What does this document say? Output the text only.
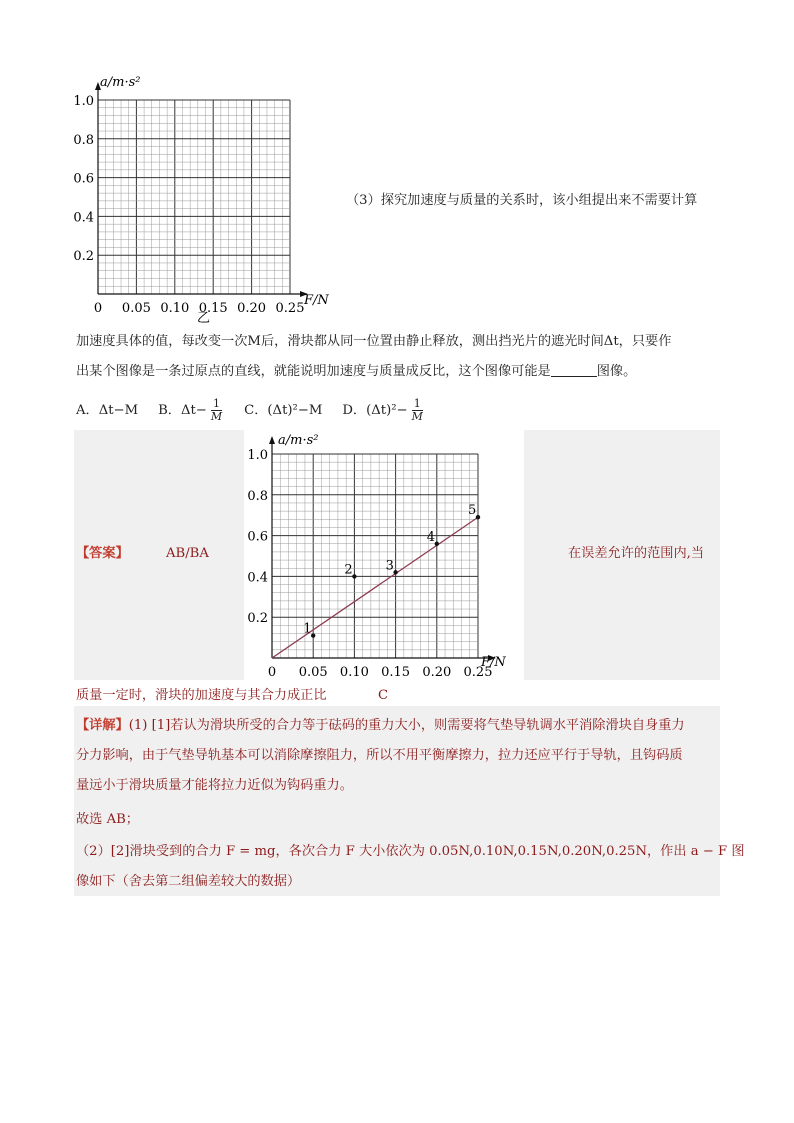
a/m·s²
F/N
乙
1.0
0.8
0.6
0.4
0.2
0 0.05 0.10 0.15 0.20 0.25
（3）探究加速度与质量的关系时，该小组提出来不需要计算
加速度具体的值，每改变一次M后，滑块都从同一位置由静止释放，测出挡光片的遮光时间Δt，只要作
出某个图像是一条过原点的直线，就能说明加速度与质量成反比，这个图像可能是	图像。
A．Δt−M B．$\Delta t- \frac{1}{M}$ C．(Δt)²−M D．$(\Delta t)^2- \frac{1}{M}$
1
2	3
4
5
a/m·s²
F/N
1.0
0.8
0.6
0.4
0.2
0 0.05 0.10 0.15 0.20 0.25
【答案】	AB/BA	在误差允许的范围内,当
质量一定时，滑块的加速度与其合力成正比	C
【详解】(1) [1]若认为滑块所受的合力等于砝码的重力大小，则需要将气垫导轨调水平消除滑块自身重力
分力影响，由于气垫导轨基本可以消除摩擦阻力，所以不用平衡摩擦力，拉力还应平行于导轨，且钩码质
量远小于滑块质量才能将拉力近似为钩码重力。
故选 AB；
（2）[2]滑块受到的合力 F = mg，各次合力 F 大小依次为 0.05N,0.10N,0.15N,0.20N,0.25N，作出 a − F 图
像如下（舍去第二组偏差较大的数据）
